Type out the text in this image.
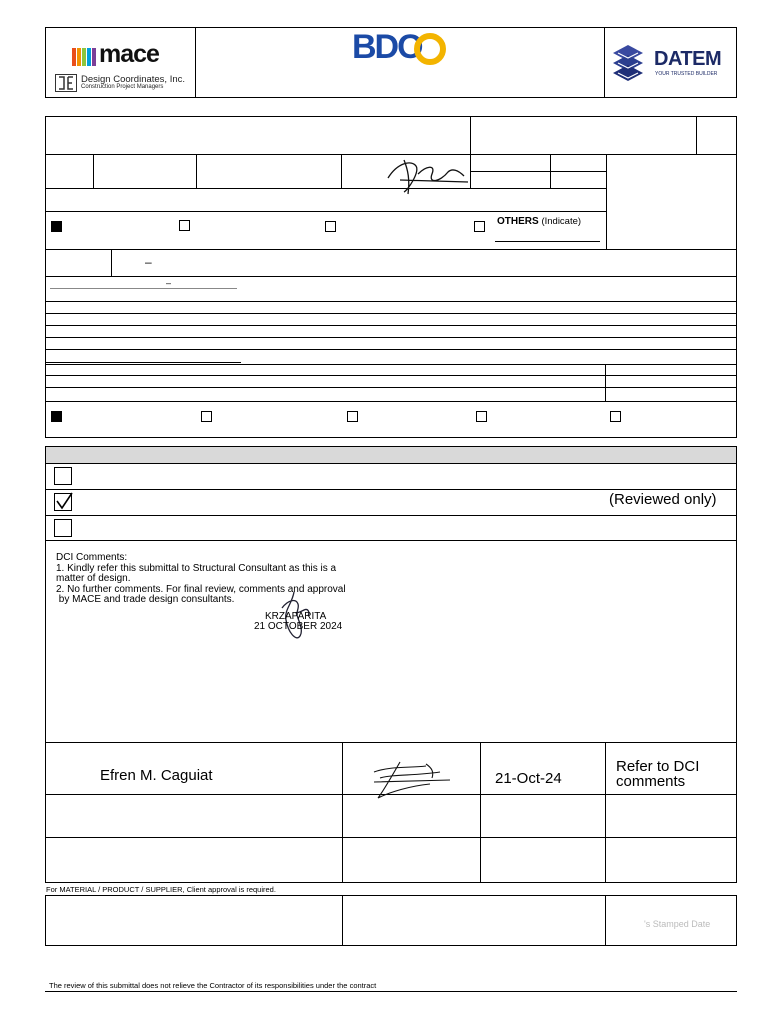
mace
Design Coordinates, Inc.
Construction Project Managers
BDO	DATEM
YOUR TRUSTED BUILDER
OTHERS (Indicate)
–
–
(Reviewed only)
DCI Comments:
1. Kindly refer this submittal to Structural Consultant as this is a
matter of design.
2. No further comments. For final review, comments and approval
by MACE and trade design consultants.
KRZAPARITA
21 OCTOBER 2024
Efren M. Caguiat	21-Oct-24
Refer to DCI comments
For MATERIAL / PRODUCT / SUPPLIER, Client approval is required.
's Stamped Date
The review of this submittal does not relieve the Contractor of its responsibilities under the contract
